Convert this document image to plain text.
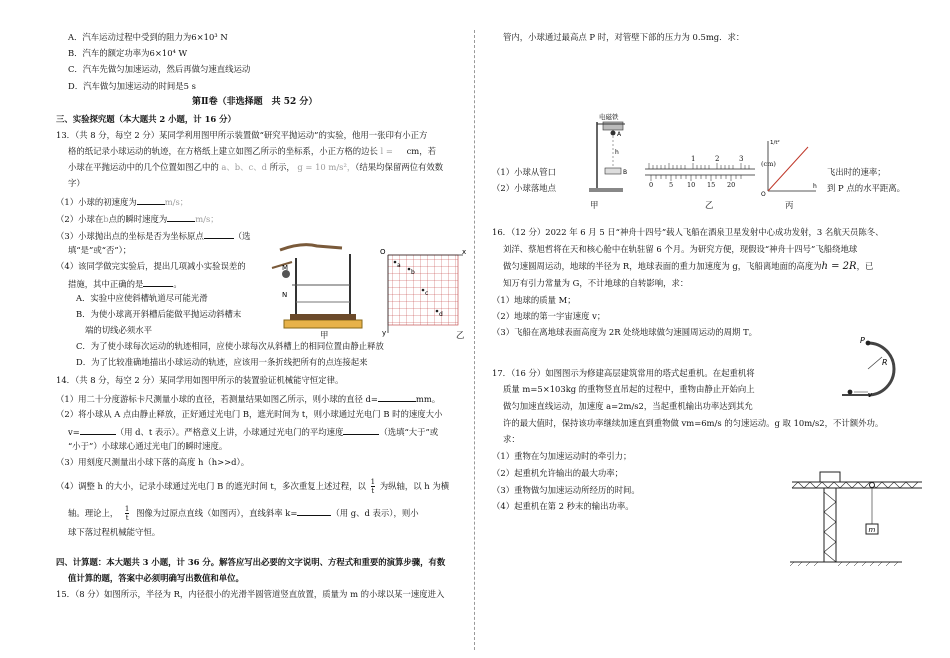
A．汽车运动过程中受到的阻力为6×10³ N
B．汽车的额定功率为6×10⁴ W
C．汽车先做匀加速运动，然后再做匀速直线运动
D．汽车做匀加速运动的时间是5 s
第Ⅱ卷（非选择题　共 52 分）
三、实验探究题（本大题共 2 小题，计 16 分）
13．（共 8 分，每空 2 分）某同学利用图甲所示装置做“研究平抛运动”的实验，他用一张印有小正方
格的纸记录小球运动的轨迹，在方格纸上建立如图乙所示的坐标系，小正方格的边长 l = 　 cm，若
小球在平抛运动中的几个位置如图乙中的 a、b、c、d 所示， g = 10 m/s²，（结果均保留两位有效数
字）
（1）小球的初速度为	m/s；
（2）小球在b点的瞬时速度为	m/s；
（3）小球抛出点的坐标是否为坐标原点	（选
填“是”或“否”）；
（4）该同学做完实验后，提出几项减小实验误差的
措施，其中正确的是	。
A．实验中应使斜槽轨道尽可能光滑
B．为使小球离开斜槽后能做平抛运动斜槽末
端的切线必须水平
C．为了使小球每次运动的轨迹相同，应使小球每次从斜槽上的相同位置由静止释放
D．为了比较准确地描出小球运动的轨迹，应该用一条折线把所有的点连接起来
M
N
甲
O	x
y
a
b
c
d
乙
14．（共 8 分，每空 2 分）某同学用如图甲所示的装置验证机械能守恒定律。
（1）用二十分度游标卡尺测量小球的直径，若测量结果如图乙所示，则小球的直径 d=	mm。
（2）将小球从 A 点由静止释放，正好通过光电门 B，遮光时间为 t，则小球通过光电门 B 时的速度大小
v=	（用 d、t 表示）。严格意义上讲，小球通过光电门的平均速度	（选填“大于”或
“小于”）小球球心通过光电门的瞬时速度。
（3）用刻度尺测量出小球下落的高度 h（h>>d）。
（4）调整 h 的大小，记录小球通过光电门 B 的遮光时间 t，多次重复上述过程，以 $\frac{1}{t}$ 为纵轴，以 h 为横
轴。理论上， $\frac{1}{t}$ 图像为过原点直线（如图丙），直线斜率 k=	（用 g、d 表示），则小
球下落过程机械能守恒。
四、计算题：本大题共 3 小题，计 36 分。解答应写出必要的文字说明、方程式和重要的演算步骤，有数
值计算的题，答案中必须明确写出数值和单位。
15．（8 分）如图所示，半径为 R，内径很小的光滑半圆管道竖直放置，质量为 m 的小球以某一速度进入
管内，小球通过最高点 P 时，对管壁下部的压力为 0.5mg．求：
电磁铁
A
h
B
（1）小球从管口
（2）小球落地点
甲
1	2	3
(cm)
0 5 10 15 20
乙
O
h
1/t²
丙
飞出时的速率；
到 P 点的水平距离。
16．（12 分）2022 年 6 月 5 日“神舟十四号”载人飞船在酒泉卫星发射中心成功发射，3 名航天员陈冬、
刘洋、蔡旭哲将在天和核心舱中在轨驻留 6 个月。为研究方便，现假设“神舟十四号”飞船绕地球
做匀速圆周运动，地球的半径为 R，地球表面的重力加速度为 g，飞船离地面的高度为h = 2R，已
知万有引力常量为 G，不计地球的自转影响，求：
（1）地球的质量 M；
（2）地球的第一宇宙速度 v；
（3）飞船在离地球表面高度为 2R 处绕地球做匀速圆周运动的周期 T。
P
R
v
17．（16 分）如图图示为修建高层建筑常用的塔式起重机。在起重机将
质量 m=5×103kg 的重物竖直吊起的过程中，重物由静止开始向上
做匀加速直线运动，加速度 a=2m/s2，当起重机输出功率达到其允
许的最大值时，保持该功率继续加速直到重物做 vm=6m/s 的匀速运动。g 取 10m/s2，不计额外功。
求：
（1）重物在匀加速运动时的牵引力；
（2）起重机允许输出的最大功率；
（3）重物做匀加速运动所经历的时间。
（4）起重机在第 2 秒末的输出功率。
m
